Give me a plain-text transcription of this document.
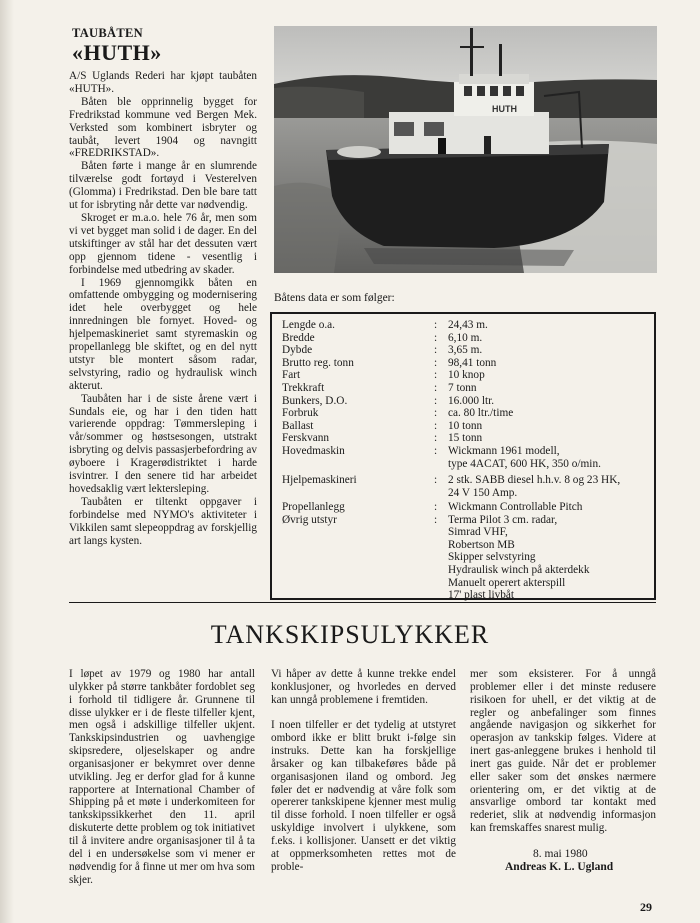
TAUBÅTEN
«HUTH»

A/S Uglands Rederi har kjøpt taubåten «HUTH».

Båten ble opprinnelig bygget for Fredrikstad kommune ved Bergen Mek. Verksted som kombinert isbryter og taubåt, levert 1904 og navngitt «FREDRIKSTAD».

Båten førte i mange år en slumrende tilværelse godt fortøyd i Vesterelven (Glomma) i Fredrikstad. Den ble bare tatt ut for isbryting når dette var nødvendig.

Skroget er m.a.o. hele 76 år, men som vi vet bygget man solid i de dager. En del utskiftinger av stål har det dessuten vært opp gjennom tidene - vesentlig i forbindelse med utbedring av skader.

I 1969 gjennomgikk båten en omfattende ombygging og modernisering idet hele overbygget og hele innredningen ble fornyet. Hoved- og hjelpemaskineriet samt styremaskin og propellanlegg ble skiftet, og en del nytt utstyr ble montert såsom radar, selvstyring, radio og hydraulisk winch akterut.

Taubåten har i de siste årene vært i Sundals eie, og har i den tiden hatt varierende oppdrag: Tømmersleping i vår/sommer og høstsesongen, utstrakt isbryting og delvis passasjerbefordring av øyboere i Kragerødistriktet i harde isvintrer. I den senere tid har arbeidet hovedsaklig vært lektersleping.

Taubåten er tiltenkt oppgaver i forbindelse med NYMO's aktiviteter i Vikkilen samt slepeoppdrag av forskjellig art langs kysten.

HUTH
Båtens data er som følger:
Lengde o.a.	: 24,43 m.
Bredde	: 6,10 m.
Dybde	: 3,65 m.
Brutto reg. tonn	: 98,41 tonn
Fart	: 10 knop
Trekkraft	: 7 tonn
Bunkers, D.O.	: 16.000 ltr.
Forbruk	: ca. 80 ltr./time
Ballast	: 10 tonn
Ferskvann	: 15 tonn
Hovedmaskin	: Wickmann 1961 modell,
type 4ACAT, 600 HK, 350 o/min.
Hjelpemaskineri	: 2 stk. SABB diesel h.h.v. 8 og 23 HK,
24 V 150 Amp.
Propellanlegg	: Wickmann Controllable Pitch
Øvrig utstyr	: Terma Pilot 3 cm. radar,
Simrad VHF,
Robertson MB
Skipper selvstyring
Hydraulisk winch på akterdekk
Manuelt operert akterspill
17' plast livbåt
TANKSKIPSULYKKER

I løpet av 1979 og 1980 har antall ulykker på større tankbåter fordoblet seg i forhold til tidligere år. Grunnene til disse ulykker er i de fleste tilfeller kjent, men også i adskillige tilfeller ukjent. Tankskipsindustrien og uavhengige skipsredere, oljeselskaper og andre organisasjoner er bekymret over denne utvikling. Jeg er derfor glad for å kunne rapportere at International Chamber of Shipping på et møte i underkomiteen for tankskipssikkerhet den 11. april diskuterte dette problem og tok initiativet til å invitere andre organisasjoner til å ta del i en undersøkelse som vi mener er nødvendig for å finne ut mer om hva som skjer.

Vi håper av dette å kunne trekke endel konklusjoner, og hvorledes en derved kan unngå problemene i fremtiden.

I noen tilfeller er det tydelig at utstyret ombord ikke er blitt brukt i-følge sin instruks. Dette kan ha forskjellige årsaker og kan tilbakeføres både på organisasjonen iland og ombord. Jeg føler det er nødvendig at våre folk som opererer tankskipene kjenner mest mulig til disse forhold. I noen tilfeller er også uskyldige involvert i ulykkene, som f.eks. i kollisjoner. Uansett er det viktig at oppmerksomheten rettes mot de proble-

mer som eksisterer. For å unngå problemer eller i det minste redusere risikoen for uhell, er det viktig at de regler og anbefalinger som finnes angående navigasjon og sikkerhet for operasjon av tankskip følges. Videre at inert gas-anleggene brukes i henhold til inert gas guide. Når det er problemer eller saker som det ønskes nærmere orientering om, er det viktig at de ansvarlige ombord tar kontakt med rederiet, slik at nødvendig informasjon kan fremskaffes snarest mulig.

8. mai 1980
Andreas K. L. Ugland
29
